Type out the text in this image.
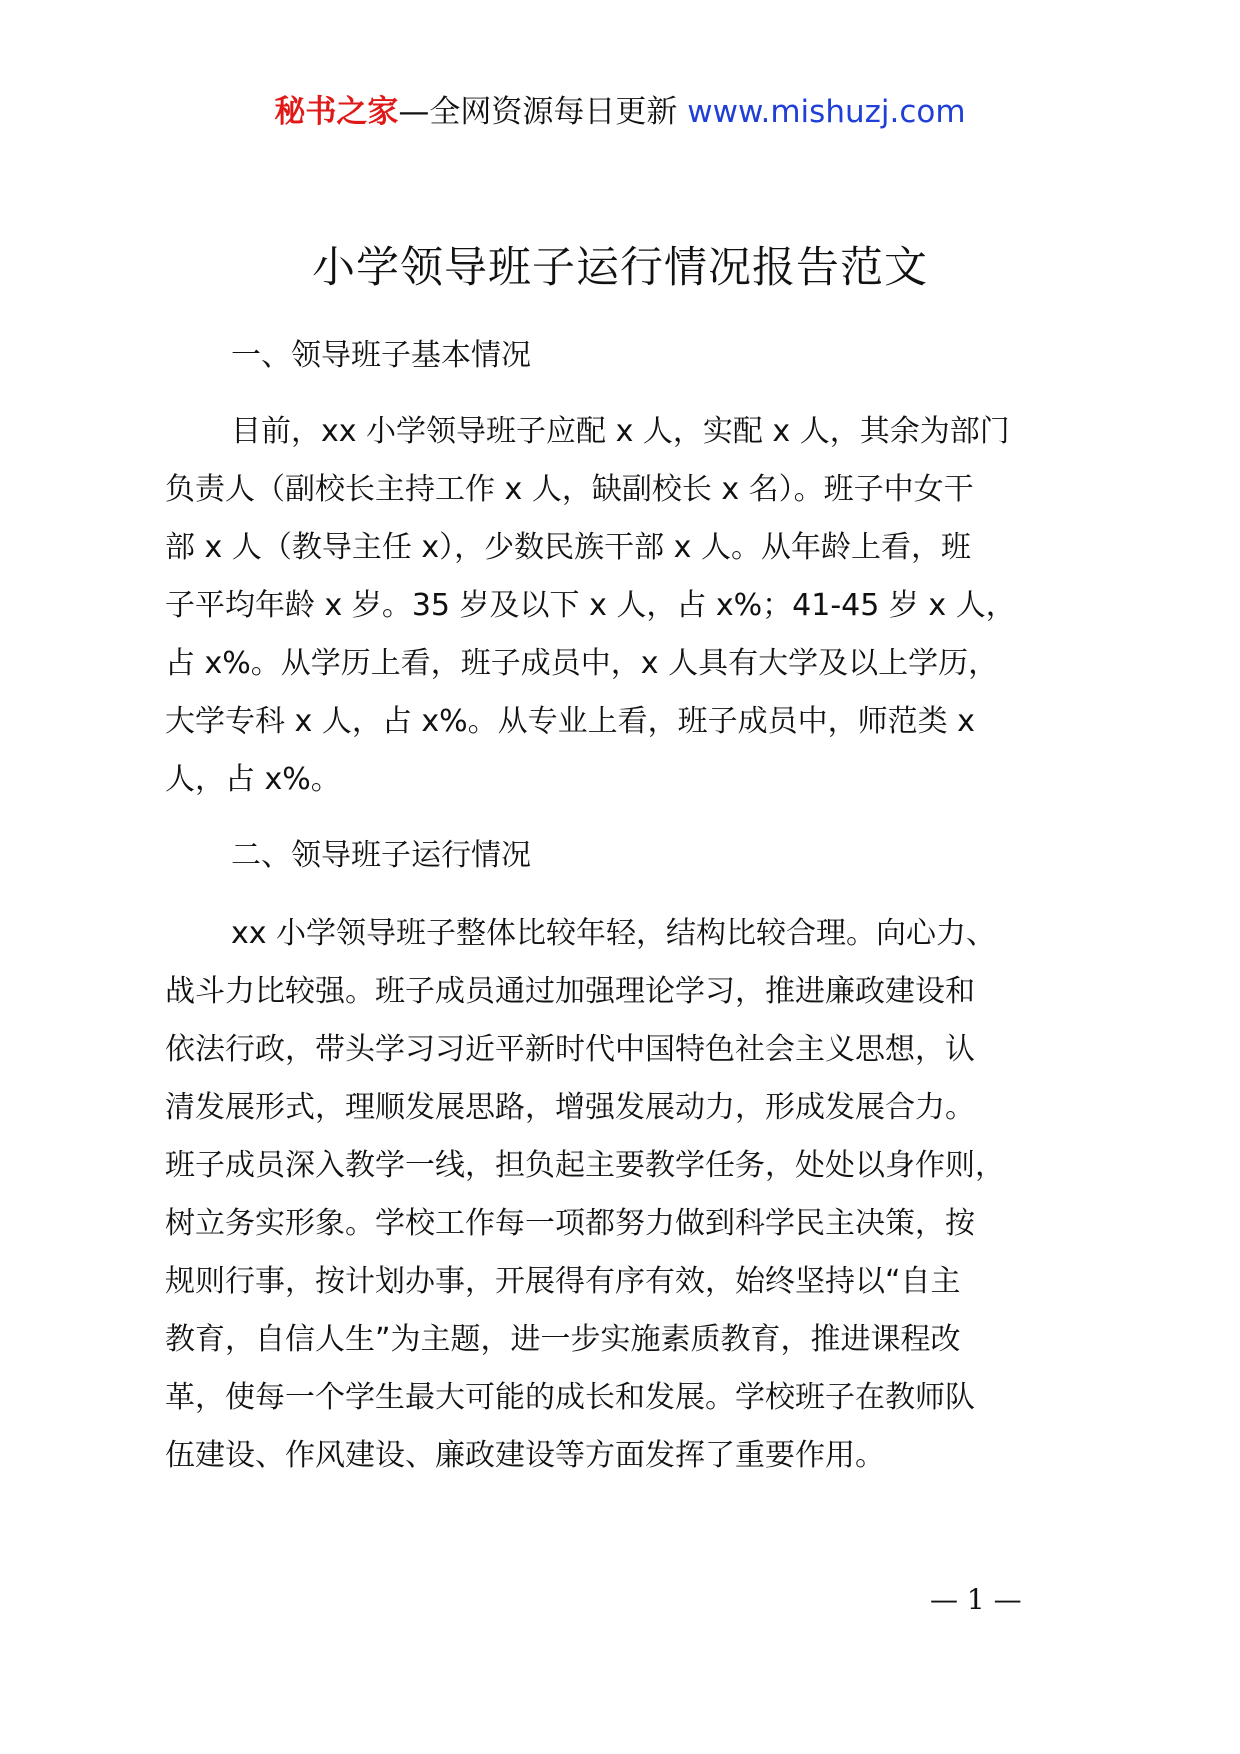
秘书之家—全网资源每日更新 www.mishuzj.com
小学领导班子运行情况报告范文
一、领导班子基本情况

目前，xx 小学领导班子应配 x 人，实配 x 人，其余为部门
负责人（副校长主持工作 x 人，缺副校长 x 名）。班子中女干
部 x 人（教导主任 x），少数民族干部 x 人。从年龄上看，班
子平均年龄 x 岁。35 岁及以下 x 人，占 x%；41-45 岁 x 人，
占 x%。从学历上看，班子成员中，x 人具有大学及以上学历，
大学专科 x 人，占 x%。从专业上看，班子成员中，师范类 x
人，占 x%。

二、领导班子运行情况

xx 小学领导班子整体比较年轻，结构比较合理。向心力、
战斗力比较强。班子成员通过加强理论学习，推进廉政建设和
依法行政，带头学习习近平新时代中国特色社会主义思想，认
清发展形式，理顺发展思路，增强发展动力，形成发展合力。
班子成员深入教学一线，担负起主要教学任务，处处以身作则，
树立务实形象。学校工作每一项都努力做到科学民主决策，按
规则行事，按计划办事，开展得有序有效，始终坚持以“自主
教育，自信人生”为主题，进一步实施素质教育，推进课程改
革，使每一个学生最大可能的成长和发展。学校班子在教师队
伍建设、作风建设、廉政建设等方面发挥了重要作用。

— 1 —
